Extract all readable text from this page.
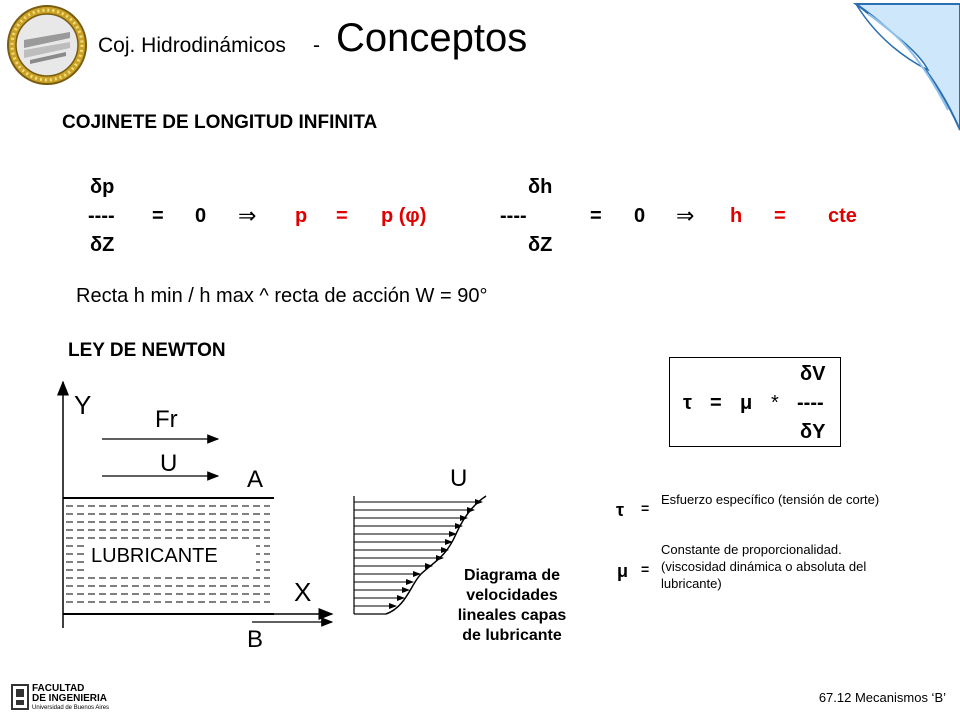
Coj. Hidrodinámicos - Conceptos
COJINETE DE LONGITUD INFINITA
δp
----
δZ
= 0 ⇒ p = p (φ)
δh
----
δZ
= 0 ⇒ h = cte
Recta h min / h max ^ recta de acción W = 90°
LEY DE NEWTON
τ = μ *
δV
----
δY
τ =
Esfuerzo específico (tensión de corte)
μ =
Constante de proporcionalidad. (viscosidad dinámica o absoluta del lubricante)
Y	Fr
U
A
LUBRICANTE
X
B
U
Diagrama de
velocidades
lineales capas
de lubricante
FACULTAD
DE INGENIERIA
Universidad de Buenos Aires
67.12 Mecanismos ‘B’
